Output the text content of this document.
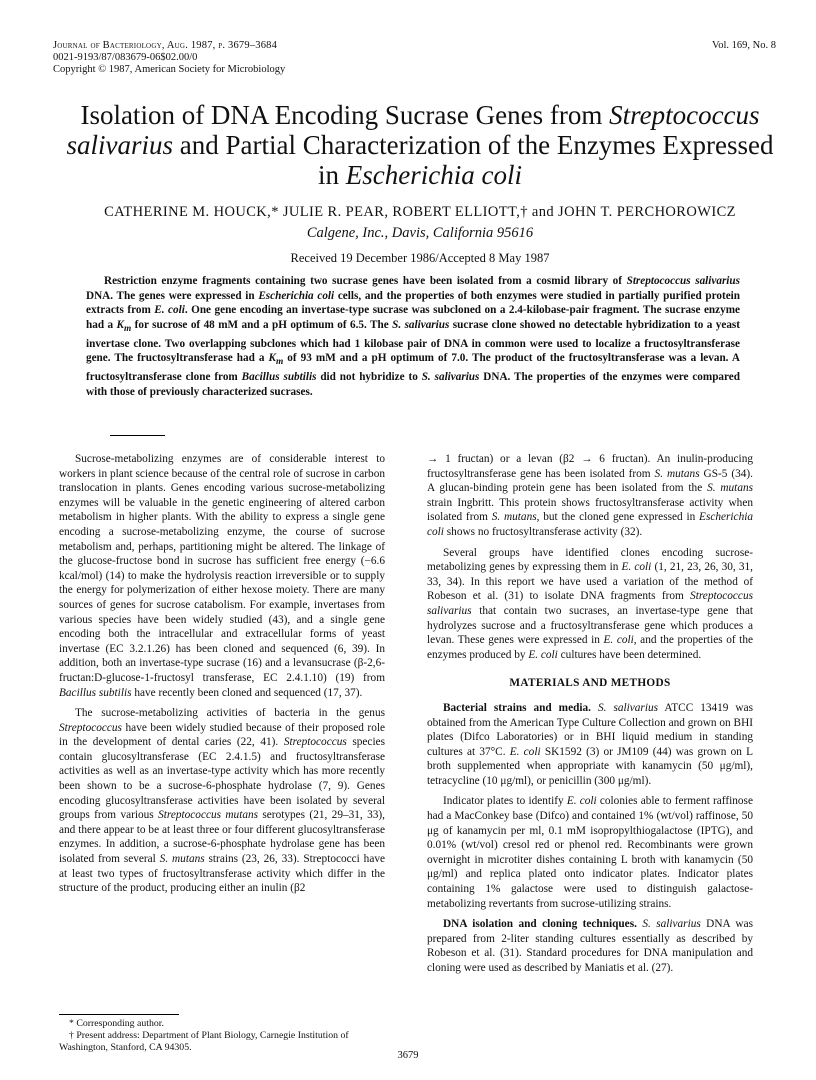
Journal of Bacteriology, Aug. 1987, p. 3679–3684
0021-9193/87/083679-06$02.00/0
Copyright © 1987, American Society for Microbiology
Vol. 169, No. 8
Isolation of DNA Encoding Sucrase Genes from Streptococcus salivarius and Partial Characterization of the Enzymes Expressed in Escherichia coli
CATHERINE M. HOUCK,* JULIE R. PEAR, ROBERT ELLIOTT,† and JOHN T. PERCHOROWICZ
Calgene, Inc., Davis, California 95616
Received 19 December 1986/Accepted 8 May 1987
Restriction enzyme fragments containing two sucrase genes have been isolated from a cosmid library of Streptococcus salivarius DNA. The genes were expressed in Escherichia coli cells, and the properties of both enzymes were studied in partially purified protein extracts from E. coli. One gene encoding an invertase-type sucrase was subcloned on a 2.4-kilobase-pair fragment. The sucrase enzyme had a $K_m$ for sucrose of 48 mM and a pH optimum of 6.5. The S. salivarius sucrase clone showed no detectable hybridization to a yeast invertase clone. Two overlapping subclones which had 1 kilobase pair of DNA in common were used to localize a fructosyltransferase gene. The fructosyltransferase had a $K_m$ of 93 mM and a pH optimum of 7.0. The product of the fructosyltransferase was a levan. A fructosyltransferase clone from Bacillus subtilis did not hybridize to S. salivarius DNA. The properties of the enzymes were compared with those of previously characterized sucrases.

Sucrose-metabolizing enzymes are of considerable interest to workers in plant science because of the central role of sucrose in carbon translocation in plants. Genes encoding various sucrose-metabolizing enzymes will be valuable in the genetic engineering of altered carbon metabolism in higher plants. With the ability to express a single gene encoding a sucrose-metabolizing enzyme, the course of sucrose metabolism and, perhaps, partitioning might be altered. The linkage of the glucose-fructose bond in sucrose has sufficient free energy (−6.6 kcal/mol) (14) to make the hydrolysis reaction irreversible or to supply the energy for polymerization of either hexose moiety. There are many sources of genes for sucrose catabolism. For example, invertases from various species have been widely studied (43), and a single gene encoding both the intracellular and extracellular forms of yeast invertase (EC 3.2.1.26) has been cloned and sequenced (6, 39). In addition, both an invertase-type sucrase (16) and a levansucrase (β-2,6-fructan:D-glucose-1-fructosyl transferase, EC 2.4.1.10) (19) from Bacillus subtilis have recently been cloned and sequenced (17, 37).

The sucrose-metabolizing activities of bacteria in the genus Streptococcus have been widely studied because of their proposed role in the development of dental caries (22, 41). Streptococcus species contain glucosyltransferase (EC 2.4.1.5) and fructosyltransferase activities as well as an invertase-type activity which has more recently been shown to be a sucrose-6-phosphate hydrolase (7, 9). Genes encoding glucosyltransferase activities have been isolated by several groups from various Streptococcus mutans serotypes (21, 29–31, 33), and there appear to be at least three or four different glucosyltransferase enzymes. In addition, a sucrose-6-phosphate hydrolase gene has been isolated from several S. mutans strains (23, 26, 33). Streptococci have at least two types of fructosyltransferase activity which differ in the structure of the product, producing either an inulin (β2

* Corresponding author.
† Present address: Department of Plant Biology, Carnegie Institution of Washington, Stanford, CA 94305.

→ 1 fructan) or a levan (β2 → 6 fructan). An inulin-producing fructosyltransferase gene has been isolated from S. mutans GS-5 (34). A glucan-binding protein gene has been isolated from the S. mutans strain Ingbritt. This protein shows fructosyltransferase activity when isolated from S. mutans, but the cloned gene expressed in Escherichia coli shows no fructosyltransferase activity (32).

Several groups have identified clones encoding sucrose-metabolizing genes by expressing them in E. coli (1, 21, 23, 26, 30, 31, 33, 34). In this report we have used a variation of the method of Robeson et al. (31) to isolate DNA fragments from Streptococcus salivarius that contain two sucrases, an invertase-type gene that hydrolyzes sucrose and a fructosyltransferase gene which produces a levan. These genes were expressed in E. coli, and the properties of the enzymes produced by E. coli cultures have been determined.

MATERIALS AND METHODS

Bacterial strains and media. S. salivarius ATCC 13419 was obtained from the American Type Culture Collection and grown on BHI plates (Difco Laboratories) or in BHI liquid medium in standing cultures at 37°C. E. coli SK1592 (3) or JM109 (44) was grown on L broth supplemented when appropriate with kanamycin (50 μg/ml), tetracycline (10 μg/ml), or penicillin (300 μg/ml).

Indicator plates to identify E. coli colonies able to ferment raffinose had a MacConkey base (Difco) and contained 1% (wt/vol) raffinose, 50 μg of kanamycin per ml, 0.1 mM isopropylthiogalactose (IPTG), and 0.01% (wt/vol) cresol red or phenol red. Recombinants were grown overnight in microtiter dishes containing L broth with kanamycin (50 μg/ml) and replica plated onto indicator plates. Indicator plates containing 1% galactose were used to distinguish galactose-metabolizing revertants from sucrose-utilizing strains.

DNA isolation and cloning techniques. S. salivarius DNA was prepared from 2-liter standing cultures essentially as described by Robeson et al. (31). Standard procedures for DNA manipulation and cloning were used as described by Maniatis et al. (27).

3679
